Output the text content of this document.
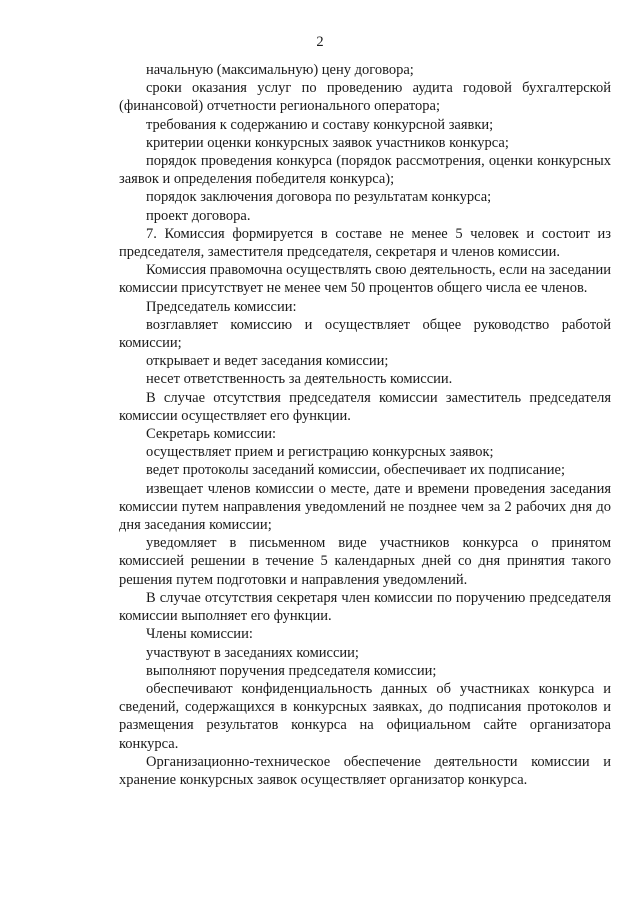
2

начальную (максимальную) цену договора;

сроки оказания услуг по проведению аудита годовой бухгалтерской (финансовой) отчетности регионального оператора;

требования к содержанию и составу конкурсной заявки;

критерии оценки конкурсных заявок участников конкурса;

порядок проведения конкурса (порядок рассмотрения, оценки конкурсных заявок и определения победителя конкурса);

порядок заключения договора по результатам конкурса;

проект договора.

7. Комиссия формируется в составе не менее 5 человек и состоит из председателя, заместителя председателя, секретаря и членов комиссии.

Комиссия правомочна осуществлять свою деятельность, если на заседании комиссии присутствует не менее чем 50 процентов общего числа ее членов.

Председатель комиссии:

возглавляет комиссию и осуществляет общее руководство работой комиссии;

открывает и ведет заседания комиссии;

несет ответственность за деятельность комиссии.

В случае отсутствия председателя комиссии заместитель председателя комиссии осуществляет его функции.

Секретарь комиссии:

осуществляет прием и регистрацию конкурсных заявок;

ведет протоколы заседаний комиссии, обеспечивает их подписание;

извещает членов комиссии о месте, дате и времени проведения заседания комиссии путем направления уведомлений не позднее чем за 2 рабочих дня до дня заседания комиссии;

уведомляет в письменном виде участников конкурса о принятом комиссией решении в течение 5 календарных дней со дня принятия такого решения путем подготовки и направления уведомлений.

В случае отсутствия секретаря член комиссии по поручению председателя комиссии выполняет его функции.

Члены комиссии:

участвуют в заседаниях комиссии;

выполняют поручения председателя комиссии;

обеспечивают конфиденциальность данных об участниках конкурса и сведений, содержащихся в конкурсных заявках, до подписания протоколов и размещения результатов конкурса на официальном сайте организатора конкурса.

Организационно-техническое обеспечение деятельности комиссии и хранение конкурсных заявок осуществляет организатор конкурса.
